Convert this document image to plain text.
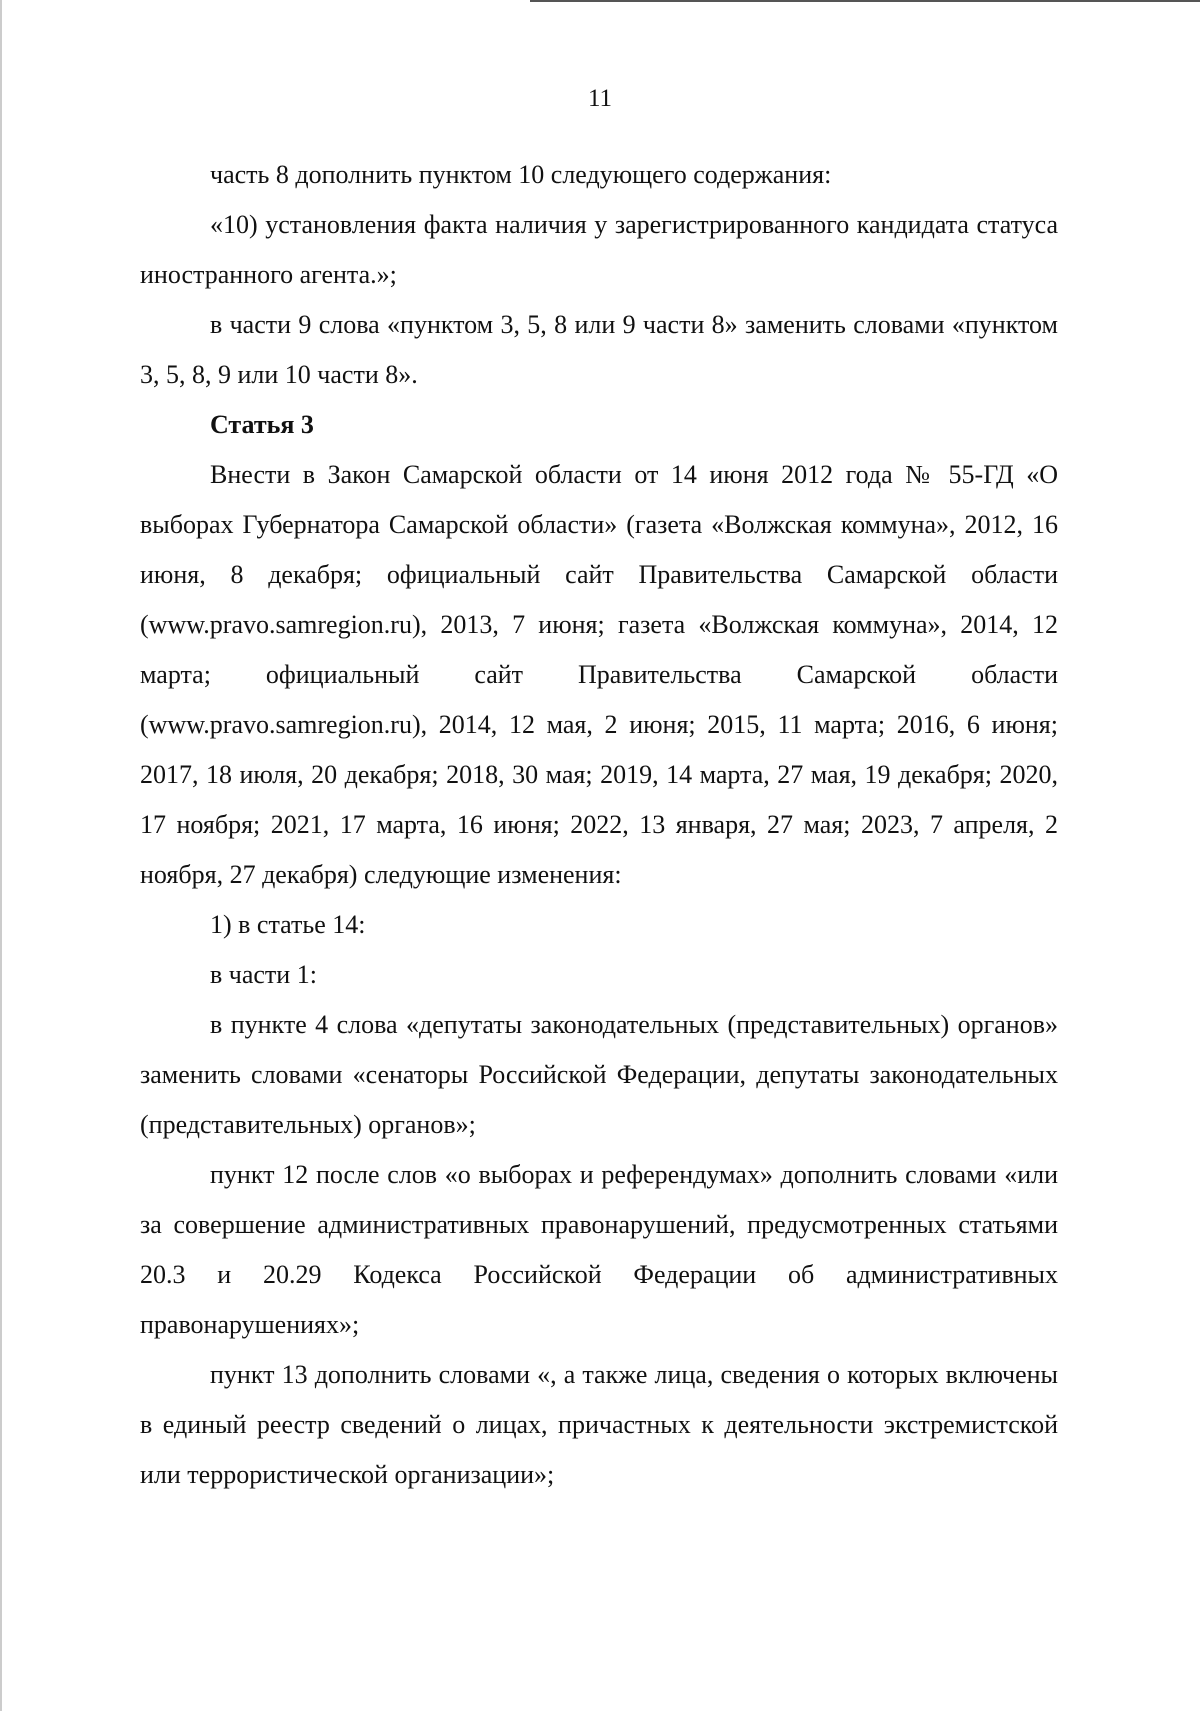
11

часть 8 дополнить пунктом 10 следующего содержания:

«10) установления факта наличия у зарегистрированного кандидата статуса иностранного агента.»;

в части 9 слова «пунктом 3, 5, 8 или 9 части 8» заменить словами «пунктом 3, 5, 8, 9 или 10 части 8».

Статья 3

Внести в Закон Самарской области от 14 июня 2012 года № 55-ГД «О выборах Губернатора Самарской области» (газета «Волжская коммуна», 2012, 16 июня, 8 декабря; официальный сайт Правительства Самарской области (www.pravo.samregion.ru), 2013, 7 июня; газета «Волжская коммуна», 2014, 12 марта; официальный сайт Правительства Самарской области (www.pravo.samregion.ru), 2014, 12 мая, 2 июня; 2015, 11 марта; 2016, 6 июня; 2017, 18 июля, 20 декабря; 2018, 30 мая; 2019, 14 марта, 27 мая, 19 декабря; 2020, 17 ноября; 2021, 17 марта, 16 июня; 2022, 13 января, 27 мая; 2023, 7 апреля, 2 ноября, 27 декабря) следующие изменения:

1) в статье 14:

в части 1:

в пункте 4 слова «депутаты законодательных (представительных) органов» заменить словами «сенаторы Российской Федерации, депутаты законодательных (представительных) органов»;

пункт 12 после слов «о выборах и референдумах» дополнить словами «или за совершение административных правонарушений, предусмотренных статьями 20.3 и 20.29 Кодекса Российской Федерации об административных правонарушениях»;

пункт 13 дополнить словами «, а также лица, сведения о которых включены в единый реестр сведений о лицах, причастных к деятельности экстремистской или террористической организации»;
